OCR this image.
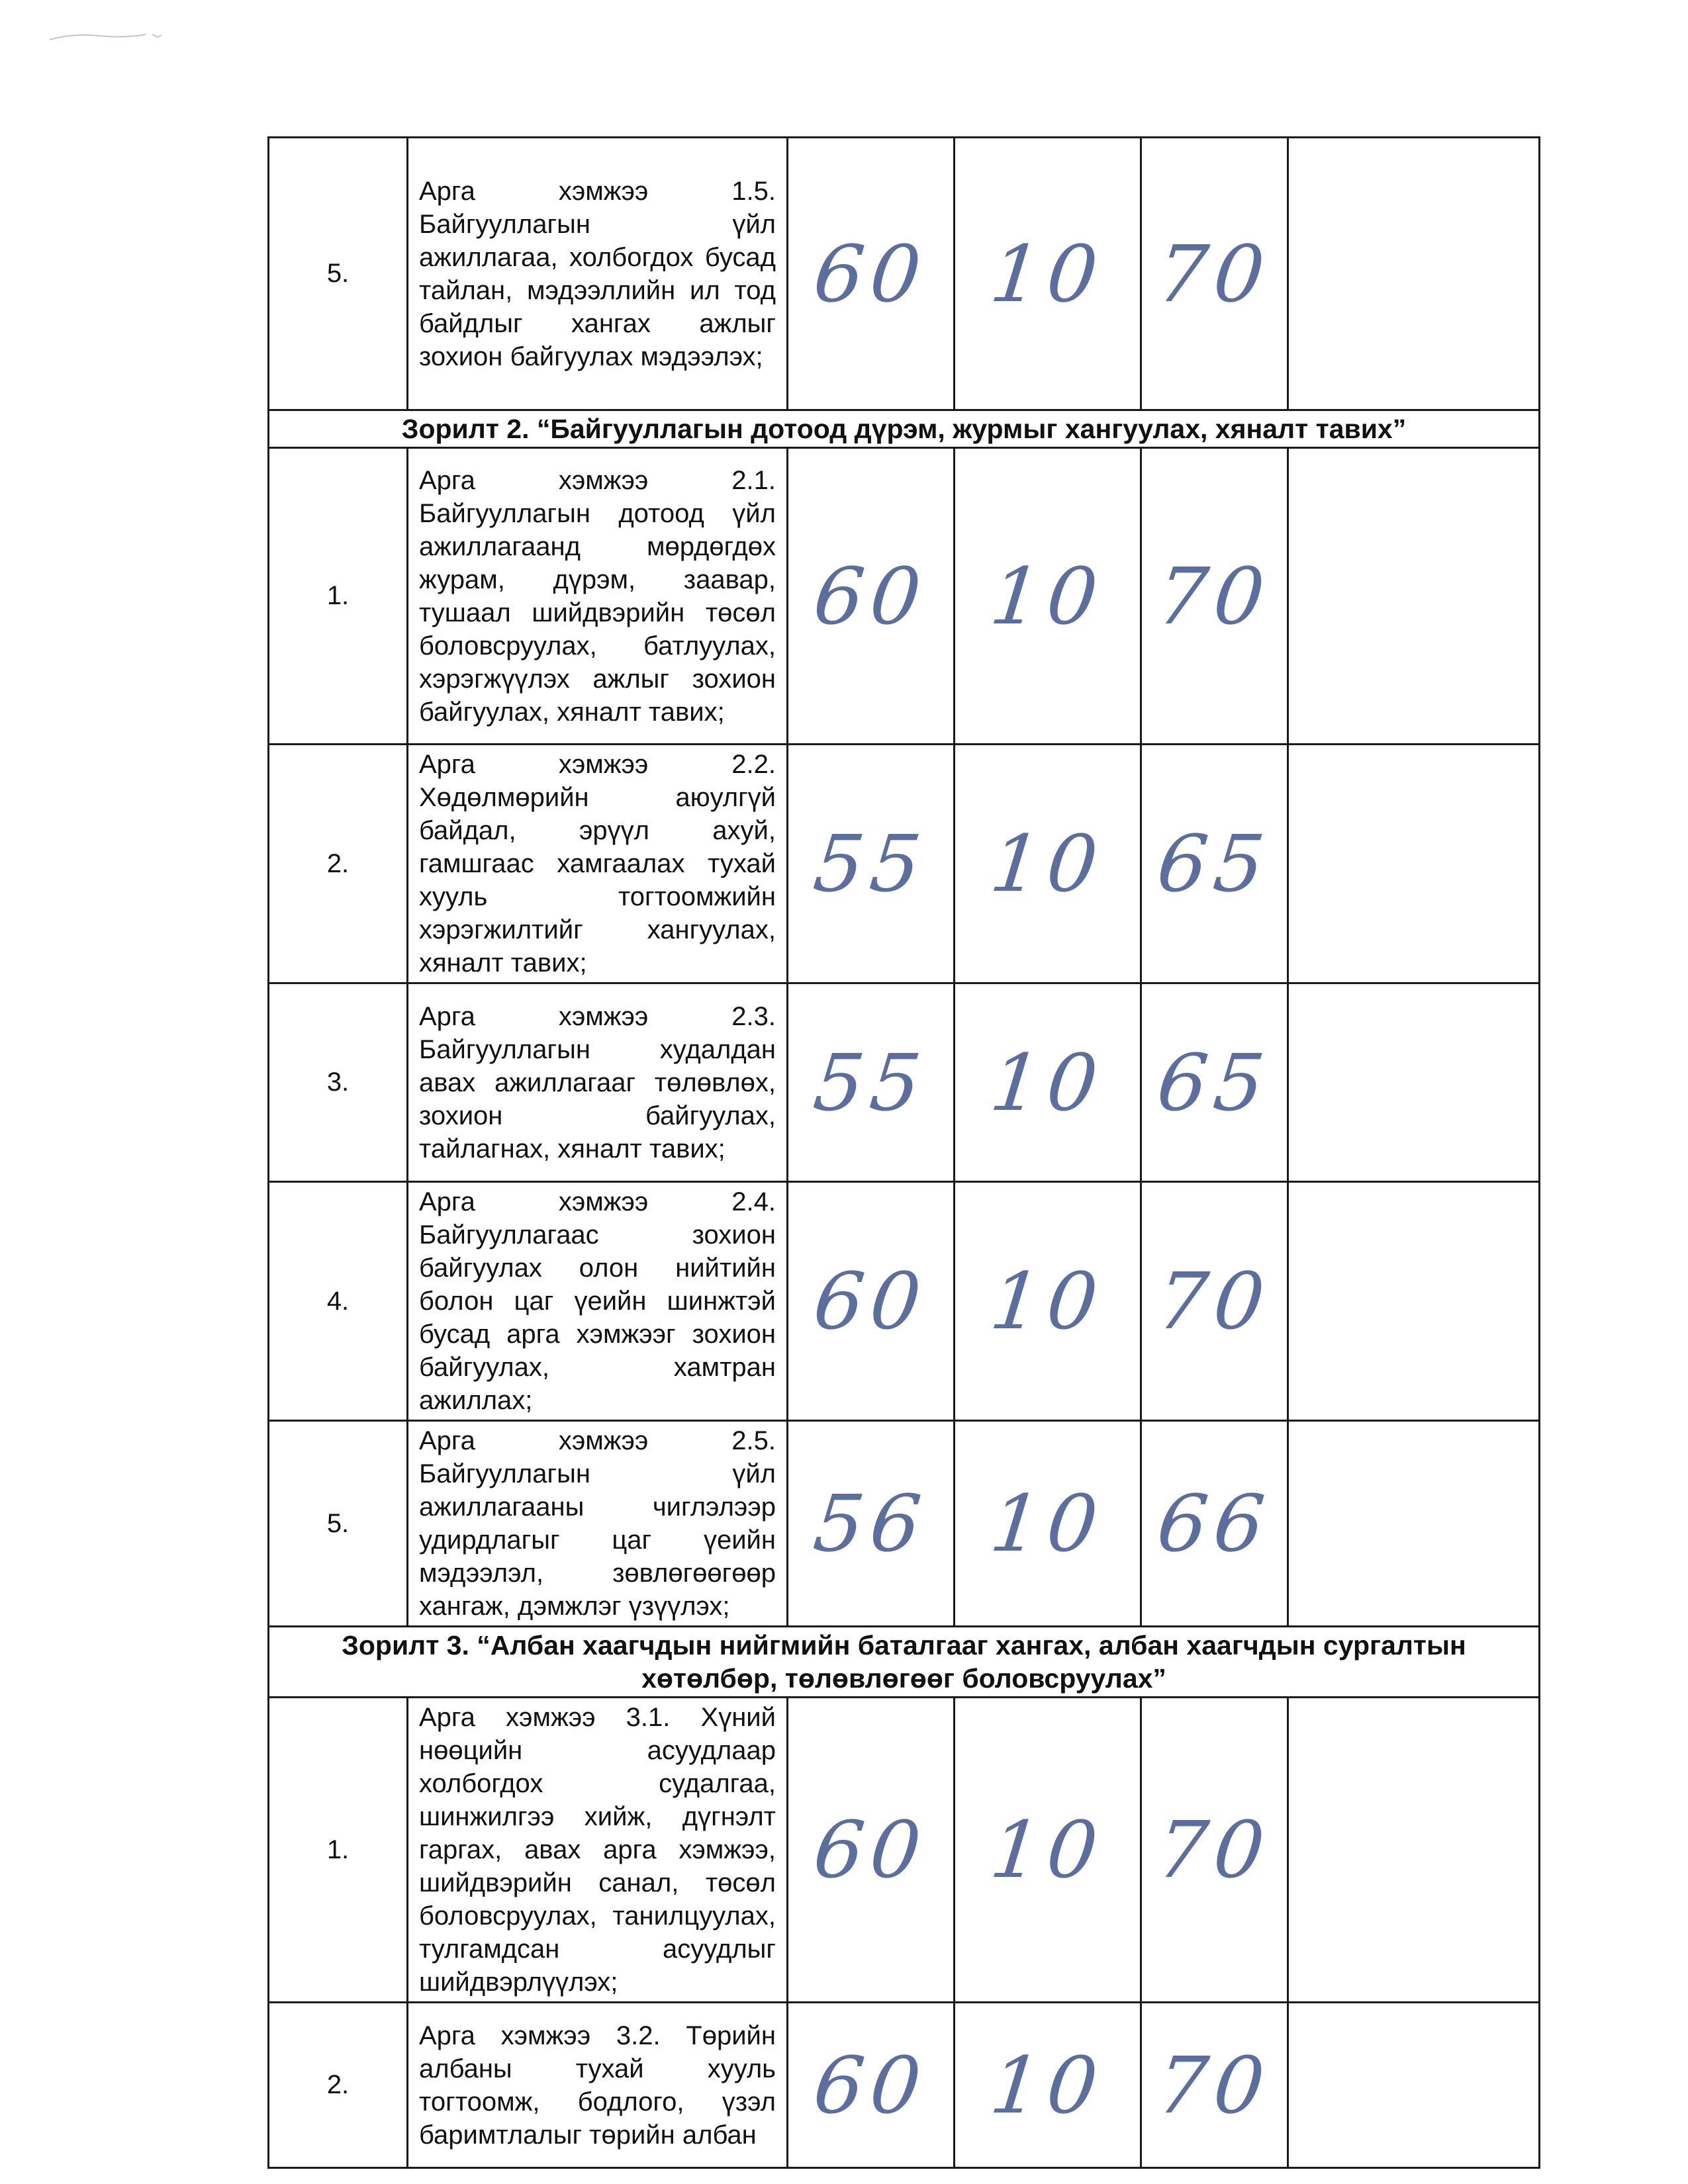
5.	Арга хэмжээ 1.5. Байгууллагын үйл ажиллагаа, холбогдох бусад тайлан, мэдээллийн ил тод байдлыг хангах ажлыг зохион байгуулах мэдээлэх;	60	10	70	
Зорилт 2. “Байгууллагын дотоод дүрэм, журмыг хангуулах, хяналт тавих”					
1.	Арга хэмжээ 2.1. Байгууллагын дотоод үйл ажиллагаанд мөрдөгдөх журам, дүрэм, заавар, тушаал шийдвэрийн төсөл боловсруулах, батлуулах, хэрэгжүүлэх ажлыг зохион байгуулах, хяналт тавих;	60	10	70	
2.	Арга хэмжээ 2.2. Хөдөлмөрийн аюулгүй байдал, эрүүл ахуй, гамшгаас хамгаалах тухай хууль тогтоомжийн хэрэгжилтийг хангуулах, хяналт тавих;	55	10	65	
3.	Арга хэмжээ 2.3. Байгууллагын худалдан авах ажиллагааг төлөвлөх, зохион байгуулах, тайлагнах, хяналт тавих;	55	10	65	
4.	Арга хэмжээ 2.4. Байгууллагаас зохион байгуулах олон нийтийн болон цаг үеийн шинжтэй бусад арга хэмжээг зохион байгуулах, хамтран ажиллах;	60	10	70	
5.	Арга хэмжээ 2.5. Байгууллагын үйл ажиллагааны чиглэлээр удирдлагыг цаг үеийн мэдээлэл, зөвлөгөөгөөр хангаж, дэмжлэг үзүүлэх;	56	10	66	
Зорилт 3. “Албан хаагчдын нийгмийн баталгааг хангах, албан хаагчдын сургалтын хөтөлбөр, төлөвлөгөөг боловсруулах”					
1.	Арга хэмжээ 3.1. Хүний нөөцийн асуудлаар холбогдох судалгаа, шинжилгээ хийж, дүгнэлт гаргах, авах арга хэмжээ, шийдвэрийн санал, төсөл боловсруулах, танилцуулах, тулгамдсан асуудлыг шийдвэрлүүлэх;	60	10	70	
2.	Арга хэмжээ 3.2. Төрийн албаны тухай хууль тогтоомж, бодлого, үзэл баримтлалыг төрийн албан	60	10	70	
